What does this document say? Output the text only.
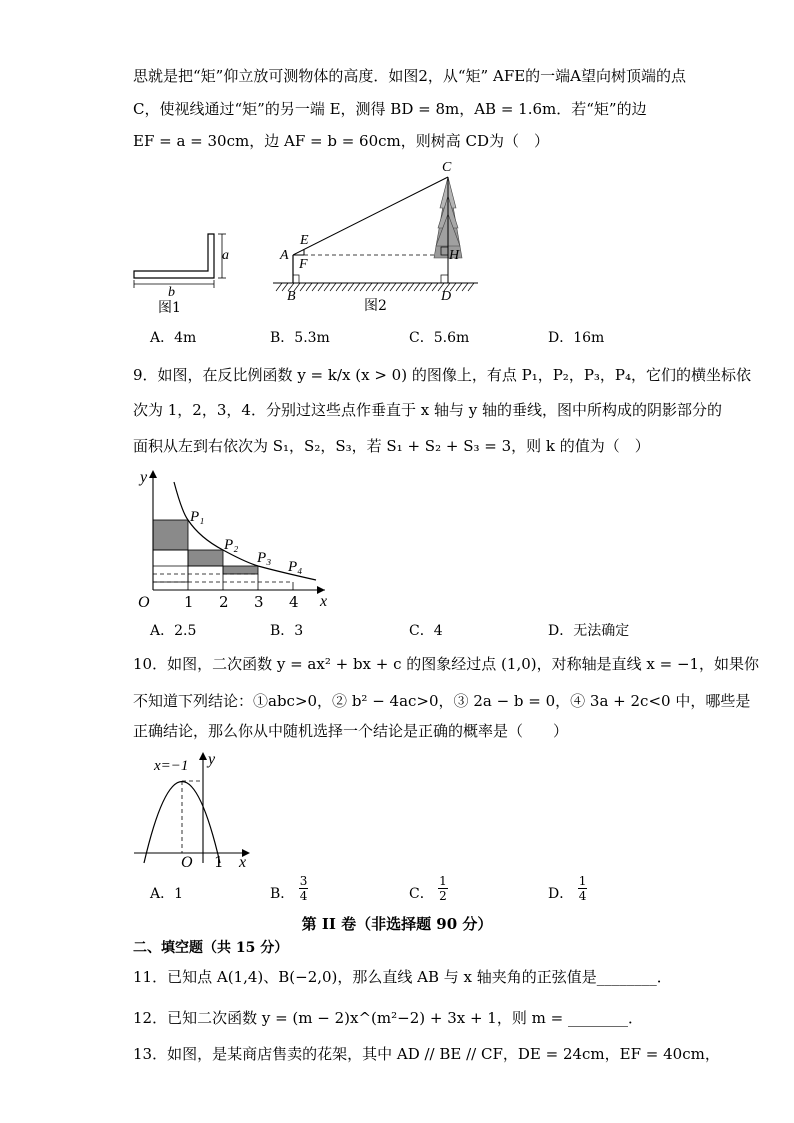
思就是把“矩”仰立放可测物体的高度．如图2，从“矩” AFE的一端A望向树顶端的点
C，使视线通过“矩”的另一端 E，测得 BD = 8m，AB = 1.6m．若“矩”的边
EF = a = 30cm，边 AF = b = 60cm，则树高 CD为（　）
a
b
图1
C
E
A
F
H
B	D
图2
A．4m	B．5.3m	C．5.6m	D．16m
9．如图，在反比例函数 y = k/x (x > 0) 的图像上，有点 P₁，P₂，P₃，P₄，它们的横坐标依
次为 1，2，3，4．分别过这些点作垂直于 x 轴与 y 轴的垂线，图中所构成的阴影部分的
面积从左到右依次为 S₁，S₂，S₃，若 S₁ + S₂ + S₃ = 3，则 k 的值为（　）
y
x
O 1 2 3 4
P₁
P₂
P₃
P₄
A．2.5	B．3	C．4	D．无法确定
10．如图，二次函数 y = ax² + bx + c 的图象经过点 (1,0)，对称轴是直线 x = −1，如果你
不知道下列结论：①abc>0，② b² − 4ac>0，③ 2a − b = 0，④ 3a + 2c<0 中，哪些是
正确结论，那么你从中随机选择一个结论是正确的概率是（　　）
x=−1 y
x
O 1
A．1	B． $\frac{3}{4}$	C． $\frac{1}{2}$	D． $\frac{1}{4}$
第 II 卷（非选择题 90 分）
二、填空题（共 15 分）
11．已知点 A(1,4)、B(−2,0)，那么直线 AB 与 x 轴夹角的正弦值是________．
12．已知二次函数 y = (m − 2)x^(m²−2) + 3x + 1，则 m = ________．
13．如图，是某商店售卖的花架，其中 AD // BE // CF，DE = 24cm，EF = 40cm，
